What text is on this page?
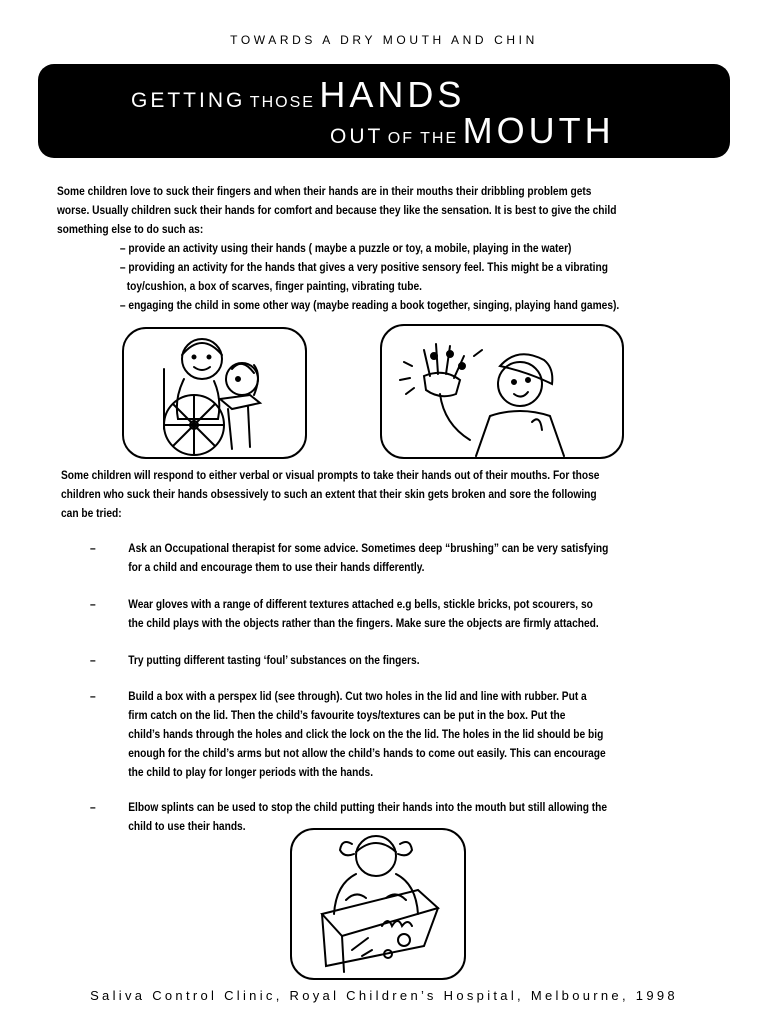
TOWARDS A DRY MOUTH AND CHIN
GETTING THOSE HANDS
OUT OF THE MOUTH
Some children love to suck their fingers and when their hands are in their mouths their dribbling problem gets
worse. Usually children suck their hands for comfort and because they like the sensation. It is best to give the child
something else to do such as:
– provide an activity using their hands ( maybe a puzzle or toy, a mobile, playing in the water)
– providing an activity for the hands that gives a very positive sensory feel. This might be a vibrating
toy/cushion, a box of scarves, finger painting, vibrating tube.
– engaging the child in some other way (maybe reading a book together, singing, playing hand games).
Some children will respond to either verbal or visual prompts to take their hands out of their mouths. For those
children who suck their hands obsessively to such an extent that their skin gets broken and sore the following
can be tried:
–	Ask an Occupational therapist for some advice. Sometimes deep “brushing” can be very satisfying
for a child and encourage them to use their hands differently.
–	Wear gloves with a range of different textures attached e.g bells, stickle bricks, pot scourers, so
the child plays with the objects rather than the fingers. Make sure the objects are firmly attached.
–	Try putting different tasting ‘foul’ substances on the fingers.
–	Build a box with a perspex lid (see through). Cut two holes in the lid and line with rubber. Put a
firm catch on the lid. Then the child’s favourite toys/textures can be put in the box. Put the
child’s hands through the holes and click the lock on the the lid. The holes in the lid should be big
enough for the child’s arms but not allow the child’s hands to come out easily. This can encourage
the child to play for longer periods with the hands.
–	Elbow splints can be used to stop the child putting their hands into the mouth but still allowing the
child to use their hands.
Saliva Control Clinic, Royal Children’s Hospital, Melbourne, 1998
